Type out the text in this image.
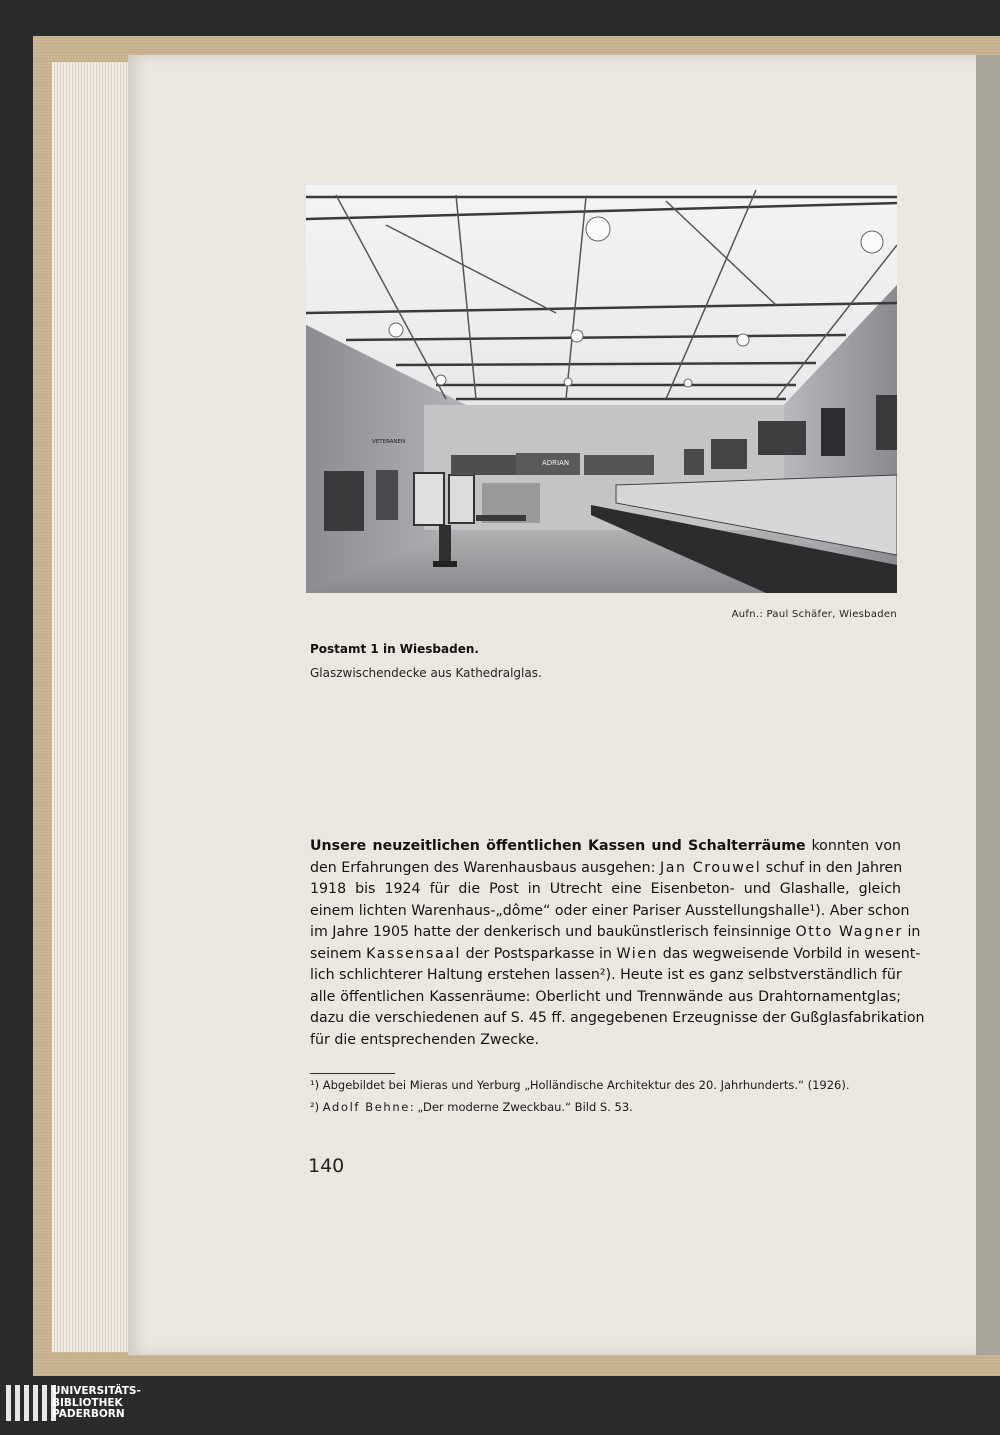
VETERANEN
ADRIAN
Aufn.: Paul Schäfer, Wiesbaden
Postamt 1 in Wiesbaden.
Glaszwischendecke aus Kathedralglas.
Unsere neuzeitlichen öffentlichen Kassen und Schalterräume konnten von
den Erfahrungen des Warenhausbaus ausgehen: Jan Crouwel schuf in den Jahren
1918 bis 1924 für die Post in Utrecht eine Eisenbeton- und Glashalle, gleich
einem lichten Warenhaus-„dôme“ oder einer Pariser Ausstellungshalle¹). Aber schon
im Jahre 1905 hatte der denkerisch und baukünstlerisch feinsinnige Otto Wagner in
seinem Kassensaal der Postsparkasse in Wien das wegweisende Vorbild in wesent-
lich schlichterer Haltung erstehen lassen²). Heute ist es ganz selbstverständlich für
alle öffentlichen Kassenräume: Oberlicht und Trennwände aus Drahtornamentglas;
dazu die verschiedenen auf S. 45 ff. angegebenen Erzeugnisse der Gußglasfabrikation
für die entsprechenden Zwecke.
¹) Abgebildet bei Mieras und Yerburg „Holländische Architektur des 20. Jahrhunderts.“ (1926).
²) Adolf Behne: „Der moderne Zweckbau.“ Bild S. 53.
140
UNIVERSITÄTS-
BIBLIOTHEK
PADERBORN
